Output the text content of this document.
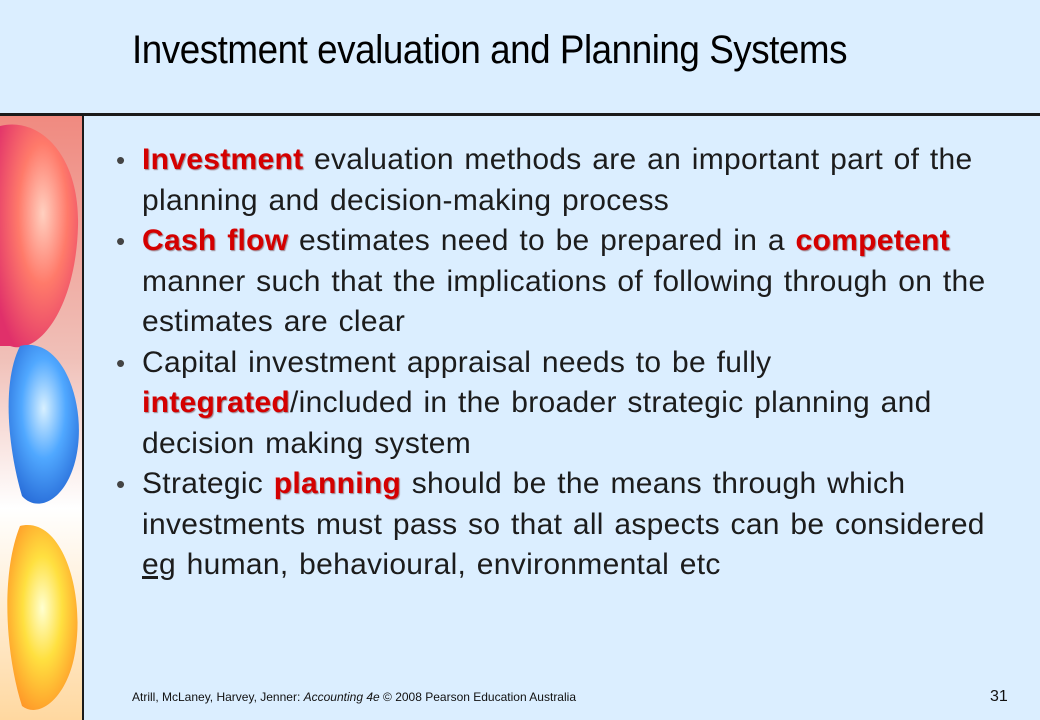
Investment evaluation and Planning Systems
• Investment evaluation methods are an important part of the planning and decision-making process
• Cash flow estimates need to be prepared in a competent manner such that the implications of following through on the estimates are clear
• Capital investment appraisal needs to be fully integrated/included in the broader strategic planning and decision making system
• Strategic planning should be the means through which investments must pass so that all aspects can be considered eg human, behavioural, environmental etc
Atrill, McLaney, Harvey, Jenner: Accounting 4e © 2008 Pearson Education Australia	31
